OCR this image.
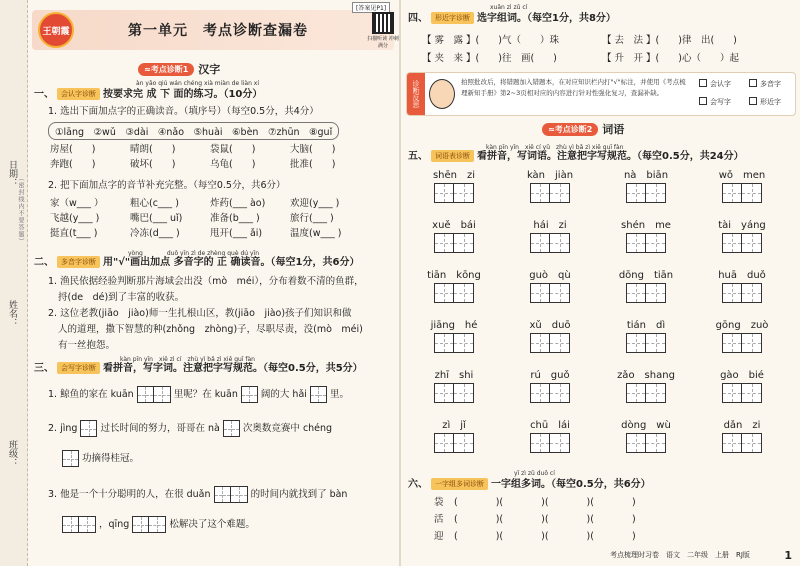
日期：
（密封线内不要答题）
姓名：
班级：
王朝霞	第一单元　考点诊断查漏卷
≈考点诊断1 汉字
àn yāo qiú wán chéng xià miàn de liàn xí
一、 会认字诊断 按要求完 成 下 面的练习。（10分）
1. 选出下面加点字的正确读音。（填序号）（每空0.5分，共4分）
①lāng　②wǔ　③dài　④nǎo　⑤huài　⑥bèn　⑦zhūn　⑧guǐ
房屋(　　)	晴朗(　　)	袋鼠(　　)	大脑(　　)
奔跑(　　)	破坏(　　)	乌龟(　　)	批准(　　)
2. 把下面加点字的音节补充完整。（每空0.5分，共6分）
家（w___ ）	粗心(c___ )	炸药(___ ào)	欢迎(y___ )
飞越(y___ )	嘴巴(___ uǐ)	准备(b___ )	旅行(___ )
挺直(t___ )	冷冻(d___ )	甩开(___ ǎi)	温度(w___ )
yòng　　　　duō yīn zì de zhèng què dú yīn
二、 多音字诊断 用"√"画出加点 多音字的 正 确读音。（每空1分，共6分）
1. 渔民依据经验判断那片海域会出没（mò　méi），分布着数不清的鱼群，
捋(de　dé)到了丰富的收获。
2. 这位老教(jiāo　jiào)师一生扎根山区，教(jiāo　jiào)孩子们知识和做
人的道理，撒下智慧的种(zhǒng　zhòng)子，尽职尽责，没(mò　méi)
有一丝抱怨。
kàn pīn yīn　xiě zì cí　zhù yì bǎ zì xiě guī fàn
三、 会写字诊断 看拼音，写字词。注意把字写规范。（每空0.5分，共5分）
1. 鲸鱼的家在 kuān	里呢？在 kuān 阔的大 hǎi 里。
2. jìng 过长时间的努力，哥哥在 nà 次奥数竞赛中 chéng
功摘得桂冠。
3. 他是一个十分聪明的人，在很 duǎn	的时间内就找到了 bàn
，qīng	松解决了这个难题。
[答案见P1]
扫描听读 冲刺满分
xuǎn zì zǔ cí
四、 形近字诊断 选字组词。（每空1分，共8分）
【 雾　露 】(　　)气（　　）珠	【 去　法 】(　　)律　出(　　)
【 夹　来 】(　　)往　画(　　)	【 升　开 】(　　)心（　　）起
诊断反思	拍照批改后，将错题加入错题本，在对应知识栏内打"√"标注，并使用《考点梳理新知手册》第2~3页相对应的内容进行针对性强化复习，查漏补缺。
会认字	多音字
会写字	形近字
≈考点诊断2 词语
kàn pīn yīn　xiě cí yǔ　zhù yì bǎ zì xiě guī fàn
五、 词语表诊断 看拼音，写词语。注意把字写规范。（每空0.5分，共24分）
shēn　zi	kàn　jiàn	nà　biān	wǒ　men
xuě　bái	hái　zi	shén　me	tài　yáng
tiān　kōng	guò　qù	dōng　tiān	huā　duǒ
jiāng　hé	xǔ　duō	tián　dì	gōng　zuò
zhī　shi	rú　guǒ	zǎo　shang	gào　bié
zì　jǐ	chū　lái	dòng　wù	dǎn　zi
yī zì zǔ duō cí
六、 一字组多词诊断 一字组多词。（每空0.5分，共6分）
袋	(　　　　)(　　　　)(　　　　)(　　　　)
活	(　　　　)(　　　　)(　　　　)(　　　　)
迎	(　　　　)(　　　　)(　　　　)(　　　　)
考点梳理时习卷　语文　二年级　上册　RJ版	1
